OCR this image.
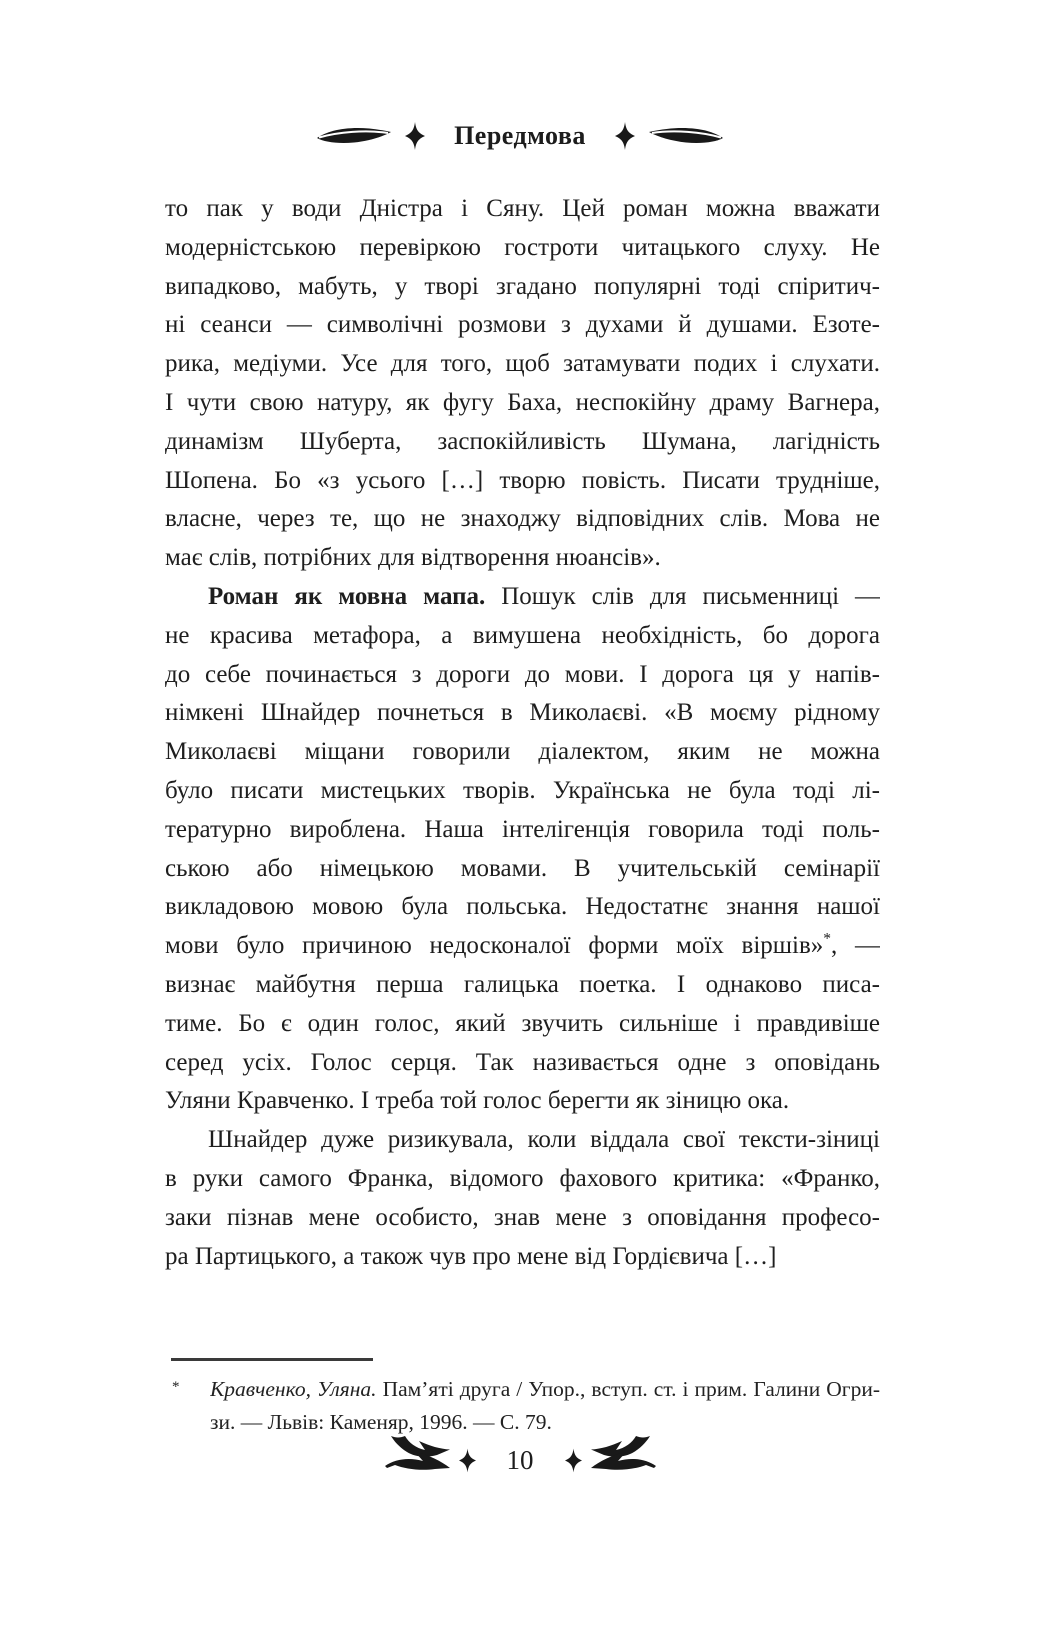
Передмова
то пак у води Дністра і Сяну. Цей роман можна вважати
модерністською перевіркою гостроти читацького слуху. Не
випадково, мабуть, у творі згадано популярні тоді спіритич-
ні сеанси — символічні розмови з духами й душами. Езоте-
рика, медіуми. Усе для того, щоб затамувати подих і слухати.
І чути свою натуру, як фугу Баха, неспокійну драму Вагнера,
динамізм Шуберта, заспокійливість Шумана, лагідність
Шопена. Бо «з усього […] творю повість. Писати трудніше,
власне, через те, що не знаходжу відповідних слів. Мова не
має слів, потрібних для відтворення нюансів».
Роман як мовна мапа. Пошук слів для письменниці —
не красива метафора, а вимушена необхідність, бо дорога
до себе починається з дороги до мови. І дорога ця у напів-
німкені Шнайдер почнеться в Миколаєві. «В моєму рідному
Миколаєві міщани говорили діалектом, яким не можна
було писати мистецьких творів. Українська не була тоді лі-
тературно вироблена. Наша інтелігенція говорила тоді поль-
ською або німецькою мовами. В учительській семінарії
викладовою мовою була польська. Недостатнє знання нашої
мови було причиною недосконалої форми моїх віршів»*, —
визнає майбутня перша галицька поетка. І однаково писа-
тиме. Бо є один голос, який звучить сильніше і правдивіше
серед усіх. Голос серця. Так називається одне з оповідань
Уляни Кравченко. І треба той голос берегти як зіницю ока.
Шнайдер дуже ризикувала, коли віддала свої тексти-зіниці
в руки самого Франка, відомого фахового критика: «Франко,
заки пізнав мене особисто, знав мене з оповідання професо-
ра Партицького, а також чув про мене від Гордієвича […]
* Кравченко, Уляна. Пам’яті друга / Упор., вступ. ст. і прим. Галини Огри-
зи. — Львів: Каменяр, 1996. — С. 79.
10
